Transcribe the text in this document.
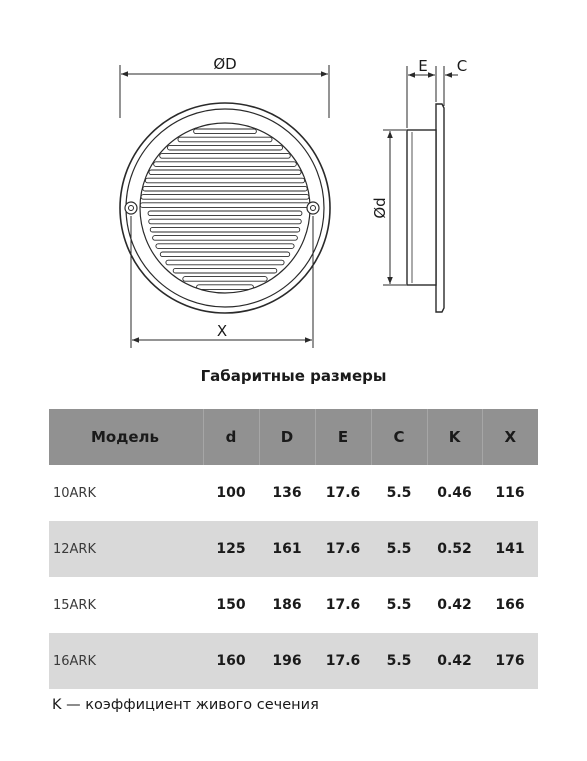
ØD
X
E C
Ød
Габаритные размеры
Модель	d	D	E	C	K	X
10ARK	100	136	17.6	5.5	0.46	116
12ARK	125	161	17.6	5.5	0.52	141
15ARK	150	186	17.6	5.5	0.42	166
16ARK	160	196	17.6	5.5	0.42	176
K — коэффициент живого сечения
